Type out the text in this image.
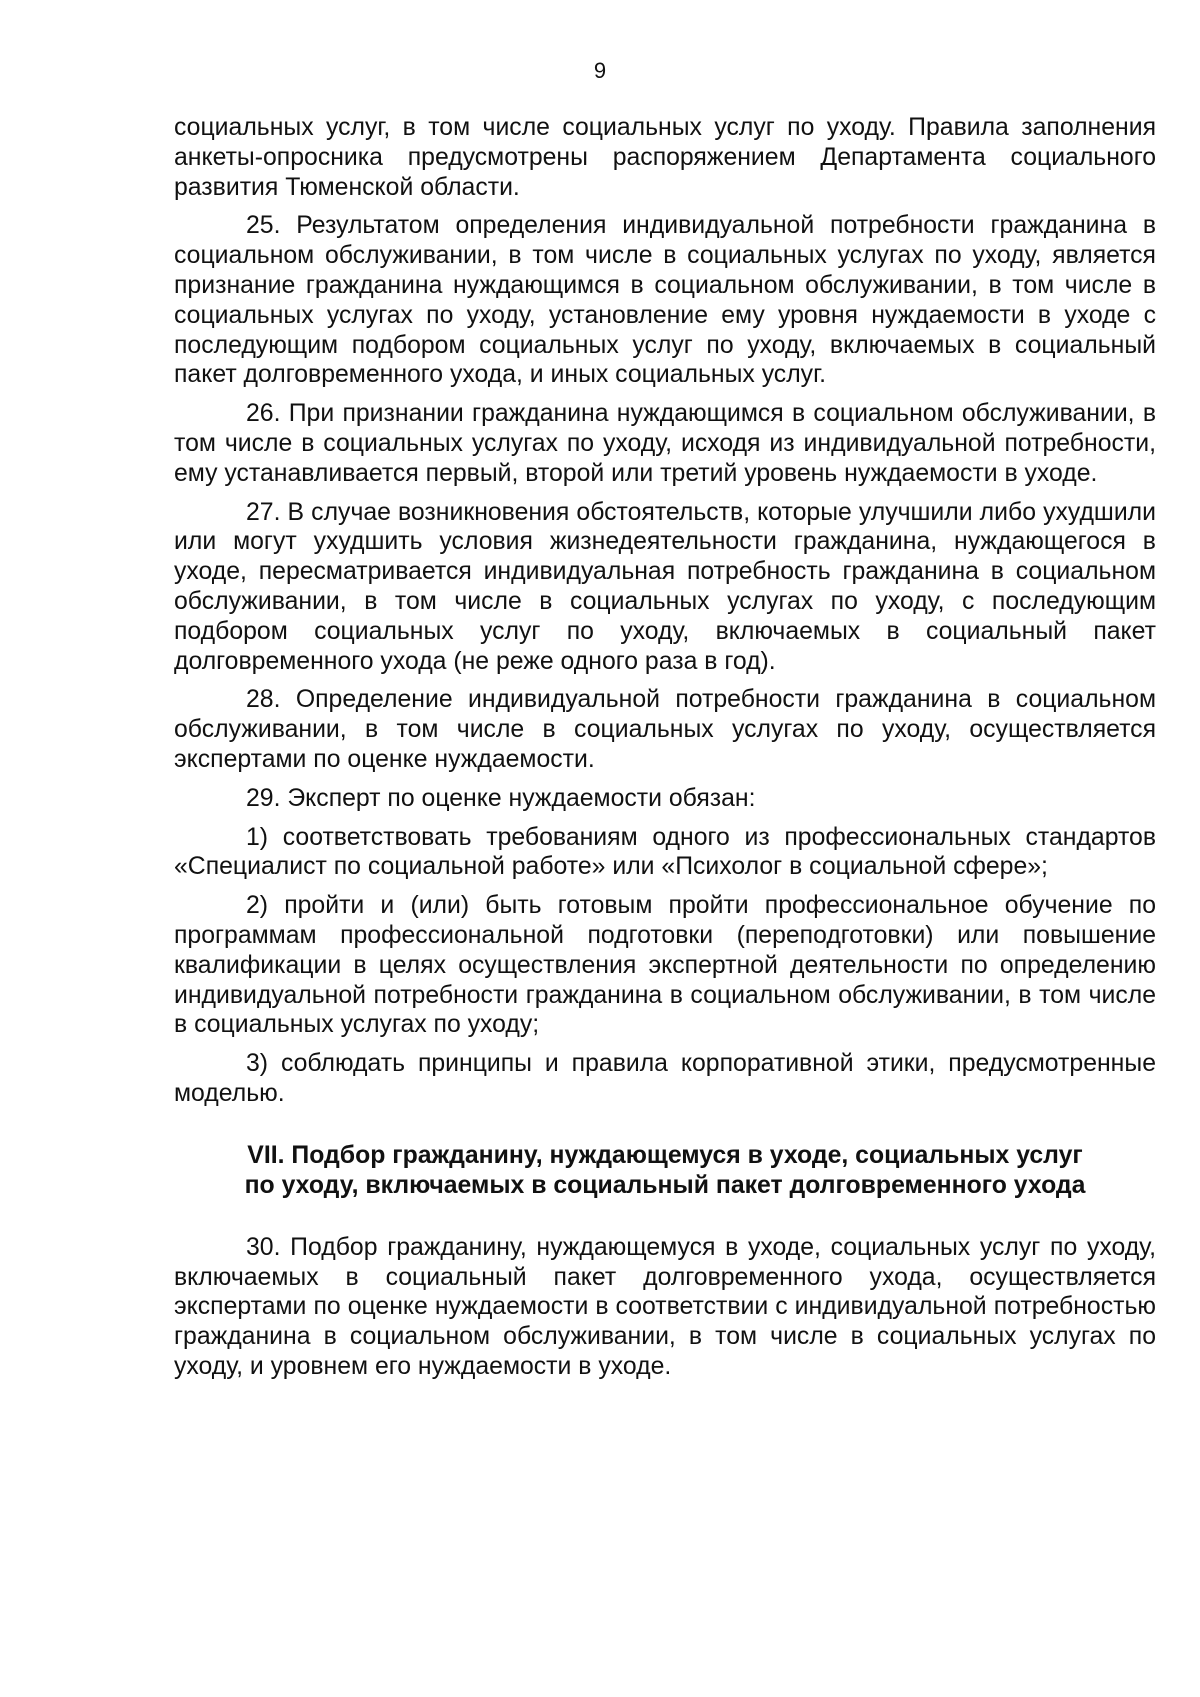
9

социальных услуг, в том числе социальных услуг по уходу. Правила заполнения анкеты-опросника предусмотрены распоряжением Департамента социального развития Тюменской области.

25. Результатом определения индивидуальной потребности гражданина в социальном обслуживании, в том числе в социальных услугах по уходу, является признание гражданина нуждающимся в социальном обслуживании, в том числе в социальных услугах по уходу, установление ему уровня нуждаемости в уходе с последующим подбором социальных услуг по уходу, включаемых в социальный пакет долговременного ухода, и иных социальных услуг.

26. При признании гражданина нуждающимся в социальном обслуживании, в том числе в социальных услугах по уходу, исходя из индивидуальной потребности, ему устанавливается первый, второй или третий уровень нуждаемости в уходе.

27. В случае возникновения обстоятельств, которые улучшили либо ухудшили или могут ухудшить условия жизнедеятельности гражданина, нуждающегося в уходе, пересматривается индивидуальная потребность гражданина в социальном обслуживании, в том числе в социальных услугах по уходу, с последующим подбором социальных услуг по уходу, включаемых в социальный пакет долговременного ухода (не реже одного раза в год).

28. Определение индивидуальной потребности гражданина в социальном обслуживании, в том числе в социальных услугах по уходу, осуществляется экспертами по оценке нуждаемости.

29. Эксперт по оценке нуждаемости обязан:

1) соответствовать требованиям одного из профессиональных стандартов «Специалист по социальной работе» или «Психолог в социальной сфере»;

2) пройти и (или) быть готовым пройти профессиональное обучение по программам профессиональной подготовки (переподготовки) или повышение квалификации в целях осуществления экспертной деятельности по определению индивидуальной потребности гражданина в социальном обслуживании, в том числе в социальных услугах по уходу;

3) соблюдать принципы и правила корпоративной этики, предусмотренные моделью.

VII. Подбор гражданину, нуждающемуся в уходе, социальных услуг
по уходу, включаемых в социальный пакет долговременного ухода

30. Подбор гражданину, нуждающемуся в уходе, социальных услуг по уходу, включаемых в социальный пакет долговременного ухода, осуществляется экспертами по оценке нуждаемости в соответствии с индивидуальной потребностью гражданина в социальном обслуживании, в том числе в социальных услугах по уходу, и уровнем его нуждаемости в уходе.
